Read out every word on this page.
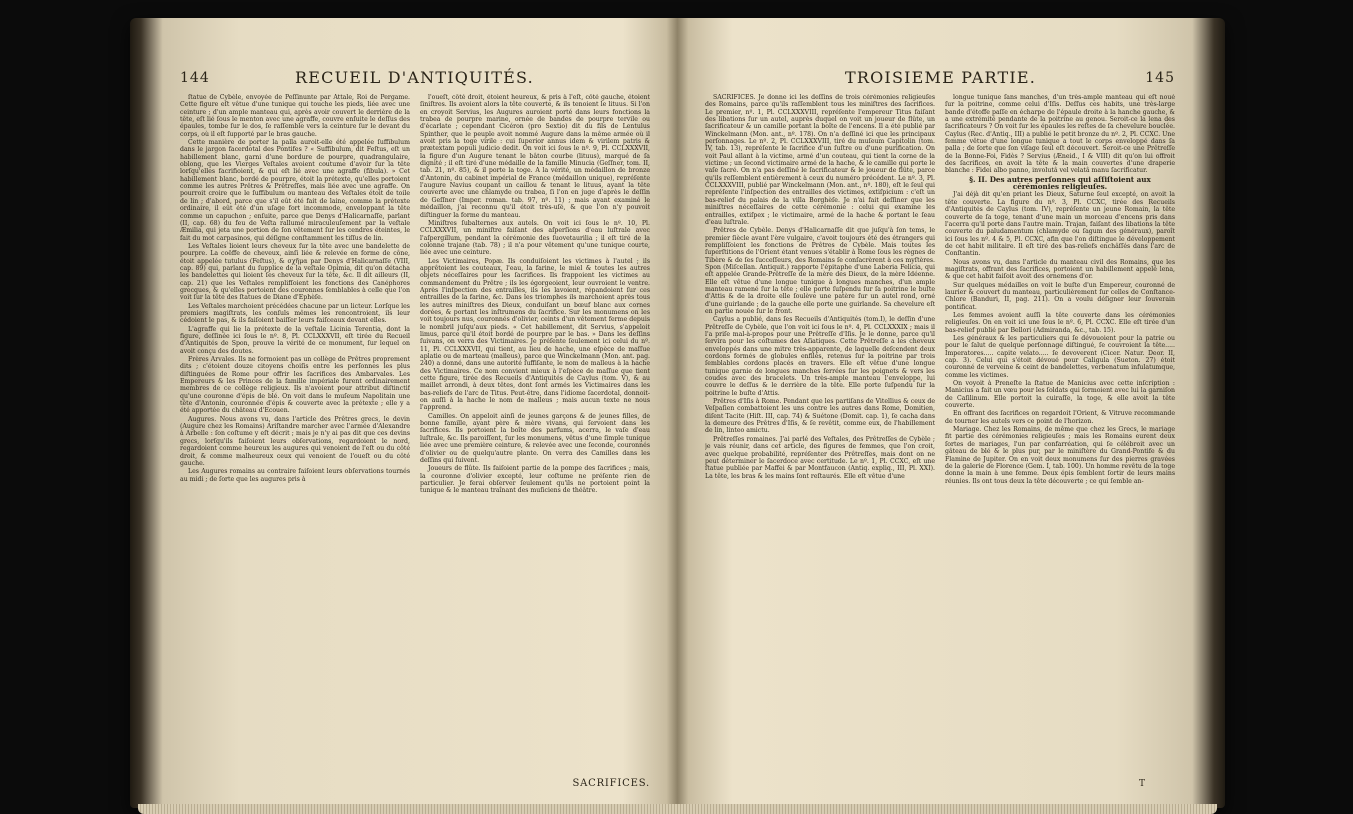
144	RECUEIL D'ANTIQUITÉS.

ſtatue de Cybèle, envoyée de Peſſinunte par Attale, Roi de Pergame. Cette figure eſt vêtue d'une tunique qui touche les pieds, liée avec une ceinture ; d'un ample manteau qui, après avoir couvert le derrière de la tête, eſt lié ſous le menton avec une agraffe, couvre enſuite le deſſus des épaules, tombe ſur le dos, ſe raſſemble vers la ceinture ſur le devant du corps, où il eſt ſupporté par le bras gauche.

Cette manière de porter la palla auroit-elle été appelée ſuffibulum dans le jargon facerdotal des Pontifes ? « Suffibulum, dit Feſtus, eſt un habillement blanc, garni d'une bordure de pourpre, quadrangulaire, oblong, que les Vierges Veſtales avoient coutume d'avoir ſur la tête lorſqu'elles facrifioient, & qui eſt lié avec une agraffe (fibula). » Cet habillement blanc, bordé de pourpre, étoit la prétexte, qu'elles portoient comme les autres Prêtres & Prêtreſſes, mais liée avec une agraffe. On pourroit croire que le ſuffibulum ou manteau des Veſtales étoit de toile de lin ; d'abord, parce que s'il eût été fait de laine, comme la prétexte ordinaire, il eût été d'un uſage fort incommode, enveloppant la tête comme un capuchon ; enſuite, parce que Denys d'Halicarnaſſe, parlant (II, cap. 68) du feu de Veſta rallumé miraculeuſement par la veſtale Æmilia, qui jeta une portion de ſon vêtement ſur les cendres éteintes, le fait du mot carpasinos, qui déſigne conſtamment les tiſſus de lin.

Les Veſtales lioient leurs cheveux ſur la tête avec une bandelette de pourpre. La coëffe de cheveux, ainſi liée & relevée en forme de cône, étoit appelée tutulus (Feſtus), & σχῆμα par Denys d'Halicarnaſſe (VIII, cap. 89) qui, parlant du ſupplice de la veſtale Opimia, dit qu'on détacha les bandelettes qui lioient ſes cheveux ſur la tête, &c. Il dit ailleurs (II, cap. 21) que les Veſtales remplifſoient les fonctions des Canéphores grecques, & qu'elles portoient des couronnes ſemblables à celle que l'on voit ſur la tête des ſtatues de Diane d'Ephèſe.

Les Veſtales marchoient précédées chacune par un licteur. Lorſque les premiers magiſtrats, les conſuls mêmes les rencontroient, ils leur cédoient le pas, & ils faiſoient baiſſer leurs faiſceaux devant elles.

L'agraffe qui lie la prétexte de la veſtale Licinia Terentia, dont la figure, deſſinée ici ſous le nº. 8, Pl. CCLXXXVII, eſt tirée du Recueil d'Antiquités de Spon, prouve la vérité de ce monument, ſur lequel on avoit conçu des doutes.

Frères Arvales. Ils ne formoient pas un collège de Prêtres proprement dits ; c'étoient douze citoyens choiſis entre les perſonnes les plus diſtinguées de Rome pour offrir les ſacrifices des Ambarvales. Les Empereurs & les Princes de la famille impériale furent ordinairement membres de ce collège religieux. Ils n'avoient pour attribut diſtinctif qu'une couronne d'épis de blé. On voit dans le muſeum Napolitain une tête d'Antonin, couronnée d'épis & couverte avec la prétexte ; elle y a été apportée du château d'Ecouen.

Augures. Nous avons vu, dans l'article des Prêtres grecs, le devin (Augure chez les Romains) Ariſtandre marcher avec l'armée d'Alexandre à Arbelle : ſon coſtume y eſt décrit ; mais je n'y ai pas dit que ces devins grecs, lorſqu'ils faiſoient leurs obſervations, regardoient le nord, regardoient comme heureux les augures qui venoient de l'eſt ou du côté droit, & comme malheureux ceux qui venoient de l'oueſt ou du côté gauche.

Les Augures romains au contraire faiſoient leurs obſervations tournés au midi ; de ſorte que les augures pris à

l'oueſt, côté droit, étoient heureux, & pris à l'eſt, côté gauche, étoient ſiniſtres. Ils avoient alors la tête couverte, & ils tenoient le lituus. Si l'on en croyoit Servius, les Augures auroient porté dans leurs fonctions la trabea de pourpre marine, ornée de bandes de pourpre tervile ou d'écarlate ; cependant Cicéron (pro Sextio) dit du fils de Lentulus Spinther, que le peuple avoit nommé Augure dans la même armée où il avoit pris la toge virile : cui ſuperior annus idem & virilem patris & prætextam populi judicio dedit. On voit ici ſous le nº. 9, Pl. CCLXXXVII, la figure d'un Augure tenant le bâton courbe (lituus), marqué de ſa dignité ; il eſt tiré d'une médaille de la famille Minucia (Geſſner, tom. II, tab. 21, nº. 85), & il porte la toge. A la vérité, un médaillon de bronze d'Antonin, du cabinet impérial de France (médaillon unique), repréſente l'augure Navius coupant un caillou & tenant le lituus, ayant la tête couverte avec une chlamyde ou trabea, ſi l'on en juge d'après le deſſin de Geſſner (Imper. roman. tab. 97, nº. 11) ; mais ayant examiné le médaillon, j'ai reconnu qu'il étoit très-uſé, & que l'on n'y pouvoit diſtinguer la forme du manteau.

Miniſtres ſubalternes aux autels. On voit ici ſous le nº. 10, Pl. CCLXXXVII, un miniſtre faiſant des aſperſions d'eau luſtrale avec l'aſpergillum, pendant la cérémonie des ſuovetaurilia ; il eſt tiré de la colonne trajane (tab. 78) ; il n'a pour vêtement qu'une tunique courte, liée avec une ceinture.

Les Victimaires, Popæ. Ils conduiſoient les victimes à l'autel ; ils apprêtoient les couteaux, l'eau, la farine, le miel & toutes les autres objets néceſſaires pour les ſacrifices. Ils frappoient les victimes au commandement du Prêtre ; ils les égorgeoient, leur ouvroient le ventre. Après l'inſpection des entrailles, ils les lavoient, répandoient ſur ces entrailles de la farine, &c. Dans les triomphes ils marchoient après tous les autres miniſtres des Dieux, conduiſant un bœuf blanc aux cornes dorées, & portant les inſtrumens du ſacrifice. Sur les monumens on les voit toujours nus, couronnés d'olivier, ceints d'un vêtement ferme depuis le nombril juſqu'aux pieds. « Cet habillement, dit Servius, s'appeloit limus, parce qu'il étoit bordé de pourpre par le bas. » Dans les deſſins ſuivans, on verra des Victimaires. Je préſente ſeulement ici celui du nº. 11, Pl. CCLXXXVII, qui tient, au lieu de hache, une eſpèce de maſſue aplatie ou de marteau (malleus), parce que Winckelmann (Mon. ant. pag. 240) a donné, dans une autorité ſuffiſante, le nom de malleus à la hache des Victimaires. Ce nom convient mieux à l'eſpèce de maſſue que tient cette figure, tirée des Recueils d'Antiquités de Caylus (tom. V), & au maillet arrondi, à deux têtes, dont ſont armés les Victimaires dans les bas-reliefs de l'arc de Titus. Peut-être, dans l'idiome ſacerdotal, donnoit-on auſſi à la hache le nom de malleus ; mais aucun texte ne nous l'apprend.

Camilles. On appeloit ainſi de jeunes garçons & de jeunes filles, de bonne famille, ayant père & mère vivans, qui ſervoient dans les ſacrifices. Ils portoient la boîte des parfums, acerra, le vaſe d'eau luſtrale, &c. Ils paroiſſent, ſur les monumens, vêtus d'une ſimple tunique liée avec une première ceinture, & relevée avec une ſeconde, couronnés d'olivier ou de quelqu'autre plante. On verra des Camilles dans les deſſins qui ſuivent.

Joueurs de flûte. Ils faiſoient partie de la pompe des ſacrifices ; mais, la couronne d'olivier excepté, leur coſtume ne préſente rien de particulier. Je ferai obſerver ſeulement qu'ils ne portoient point la tunique & le manteau traînant des muſiciens de théâtre.

SACRIFICES.
TROISIEME PARTIE.	145

SACRIFICES. Je donne ici les deſſins de trois cérémonies religieuſes des Romains, parce qu'ils raſſemblent tous les miniſtres des ſacrifices. Le premier, nº. 1, Pl. CCLXXXVIII, repréſente l'empereur Titus faiſant des libations ſur un autel, auprès duquel on voit un joueur de flûte, un ſacrificateur & un camille portant la boîte de l'encens. Il a été publié par Winckelmann (Mon. ant., nº. 178). On n'a deſſiné ici que les principaux perſonnages. Le nº. 2, Pl. CCLXXXVIII, tiré du muſeum Capitolin (tom. IV, tab. 13), repréſente le ſacrifice d'un ſuſtre ou d'une purification. On voit Paul allant à la victime, armé d'un couteau, qui tient la corne de la victime ; un ſecond victimaire armé de la hache, & le camille qui porte le vaſe ſacré. On n'a pas deſſiné le ſacrificateur & le joueur de flûte, parce qu'ils reſſemblent entièrement à ceux du numéro précédent. Le nº. 3, Pl. CCLXXXVIII, publié par Winckelmann (Mon. ant., nº. 180), eſt le ſeul qui repréſente l'inſpection des entrailles des victimes, extiſpicium : c'eſt un bas-relief du palais de la villa Borghèſe. Je n'ai fait deſſiner que les miniſtres néceſſaires de cette cérémonie : celui qui examine les entrailles, extiſpex ; le victimaire, armé de la hache & portant le ſeau d'eau luſtrale.

Prêtres de Cybèle. Denys d'Halicarnaſſe dit que juſqu'à ſon tems, le premier ſiècle avant l'ère vulgaire, c'avoit toujours été des étrangers qui rempliſſoient les fonctions de Prêtres de Cybèle. Mais toutes les ſuperſtitions de l'Orient étant venues s'établir à Rome ſous les règnes de Tibère & de ſes ſucceſſeurs, des Romains ſe conſacrèrent à ces myſtères. Spon (Miſcellan. Antiquit.) rapporte l'épitaphe d'une Laberia Felicia, qui eſt appelée Grande-Prêtreſſe de la mère des Dieux, de la mère Idéenne. Elle eſt vêtue d'une longue tunique à longues manches, d'un ample manteau ramené ſur la tête ; elle porte ſuſpendu ſur ſa poitrine le buſte d'Attis & de la droite elle ſoulève une patère ſur un autel rond, orné d'une guirlande ; de la gauche elle porte une guirlande. Sa chevelure eſt en partie nouée ſur le front.

Caylus a publié, dans ſes Recueils d'Antiquités (tom.I), le deſſin d'une Prêtreſſe de Cybèle, que l'on voit ici ſous le nº. 4, Pl. CCLXXXIX ; mais il l'a priſe mal-à-propos pour une Prêtreſſe d'Iſis. Je le donne, parce qu'il ſervira pour les coſtumes des Aſiatiques. Cette Prêtreſſe a les cheveux enveloppés dans une mitre très-apparente, de laquelle deſcendent deux cordons formés de globules enfilés, retenus ſur la poitrine par trois ſemblables cordons placés en travers. Elle eſt vêtue d'une longue tunique garnie de longues manches ſerrées ſur les poignets & vers les coudes avec des bracelets. Un très-ample manteau l'enveloppe, lui couvre le deſſus & le derrière de la tête. Elle porte ſuſpendu ſur la poitrine le buſte d'Attis.

Prêtres d'Iſis à Rome. Pendant que les partiſans de Vitellius & ceux de Veſpaſien combattoient les uns contre les autres dans Rome, Domitien, diſent Tacite (Hiſt. III, cap. 74) & Suétone (Domit. cap. 1), ſe cacha dans la demeure des Prêtres d'Iſis, & ſe revêtit, comme eux, de l'habillement de lin, linteo amictu.

Prêtreſſes romaines. J'ai parlé des Veſtales, des Prêtreſſes de Cybèle ; je vais réunir, dans cet article, des figures de femmes, que l'on croit, avec quelque probabilité, repréſenter des Prêtreſſes, mais dont on ne peut déterminer le ſacerdoce avec certitude. Le nº. 1, Pl. CCXC, eſt une ſtatue publiée par Maffei & par Montfaucon (Antiq. expliq., III, Pl. XXI). La tête, les bras & les mains ſont reſtaurés. Elle eſt vêtue d'une

longue tunique ſans manches, d'un très-ample manteau qui eſt noué ſur la poitrine, comme celui d'Iſis. Deſſus ces habits, une très-large bande d'étoffe paſſe en écharpe de l'épaule droite à la hanche gauche, & a une extrémité pendante de la poitrine au genou. Seroit-ce la lena des ſacrificateurs ? On voit ſur les épaules les reſtes de ſa chevelure bouclée. Caylus (Rec. d'Antiq., III) a publié le petit bronze du nº. 2, Pl. CCXC. Une femme vêtue d'une longue tunique a tout le corps enveloppé dans ſa palla ; de ſorte que ſon viſage ſeul eſt découvert. Seroit-ce une Prêtreſſe de la Bonne-Foi, Fidès ? Servius (Æneid., I & VIII) dit qu'on lui offroit des ſacrifices, en avoit la tête & la main couvertes d'une draperie blanche : Fidei albo panno, involutâ vel velatâ manu ſacrificatur.

§. II. Des autres perſonnes qui aſſiſtoient aux cérémonies religieuſes.

J'ai déjà dit qu'en priant les Dieux, Saturne ſeul excepté, on avoit la tête couverte. La figure du nº. 3, Pl. CCXC, tirée des Recueils d'Antiquités de Caylus (tom. IV), repréſente un jeune Romain, la tête couverte de ſa toge, tenant d'une main un morceau d'encens pris dans l'acerra qu'il porte dans l'autre main. Trajan, faiſant des libations la tête couverte du paludamentum (chlamyde ou ſagum des généraux), paroît ici ſous les nº. 4 & 5, Pl. CCXC, afin que l'on diſtingue le développement de cet habit militaire. Il eſt tiré des bas-reliefs enchâſſés dans l'arc de Conſtantin.

Nous avons vu, dans l'article du manteau civil des Romains, que les magiſtrats, offrant des ſacrifices, portoient un habillement appelé lena, & que cet habit faiſoit avoit des ornemens d'or.

Sur quelques médailles on voit le buſte d'un Empereur, couronné de laurier & couvert du manteau, particulièrement ſur celles de Conſtance-Chlore (Banduri, II, pag. 211). On a voulu déſigner leur ſouverain pontificat.

Les femmes avoient auſſi la tête couverte dans les cérémonies religieuſes. On en voit ici une ſous le nº. 6, Pl. CCXC. Elle eſt tirée d'un bas-relief publié par Bellori (Admiranda, &c., tab. 15).

Les généraux & les particuliers qui ſe dévouoient pour la patrie ou pour le ſalut de quelque perſonnage diſtingué, ſe couvroient la tête..... Imperatores..... capite velato..... ſe devoverent (Cicer. Natur. Deor. II, cap. 3). Celui qui s'étoit dévoué pour Caligula (Sueton. 27) étoit couronné de verveine & ceint de bandelettes, verbenatum infulatumque, comme les victimes.

On voyoit à Preneſte la ſtatue de Manicius avec cette inſcription : Manicius a fait un vœu pour les ſoldats qui ſormoient avec lui la garniſon de Caſilinum. Elle portoit la cuiraſſe, la toge, & elle avoit la tête couverte.

En offrant des ſacrifices on regardoit l'Orient, & Vitruve recommande de tourner les autels vers ce point de l'horizon.

Mariage. Chez les Romains, de même que chez les Grecs, le mariage fit partie des cérémonies religieuſes ; mais les Romains eurent deux ſortes de mariages, l'un par confarréation, qui ſe célébroit avec un gâteau de blé & le plus pur, par le miniſtère du Grand-Pontife & du Flamine de Jupiter. On en voit deux monumens ſur des pierres gravées de la galerie de Florence (Gem. I, tab. 100). Un homme revêtu de la toge donne la main à une femme. Deux épis ſemblent ſortir de leurs mains réunies. Ils ont tous deux la tête découverte ; ce qui ſemble an-

T
